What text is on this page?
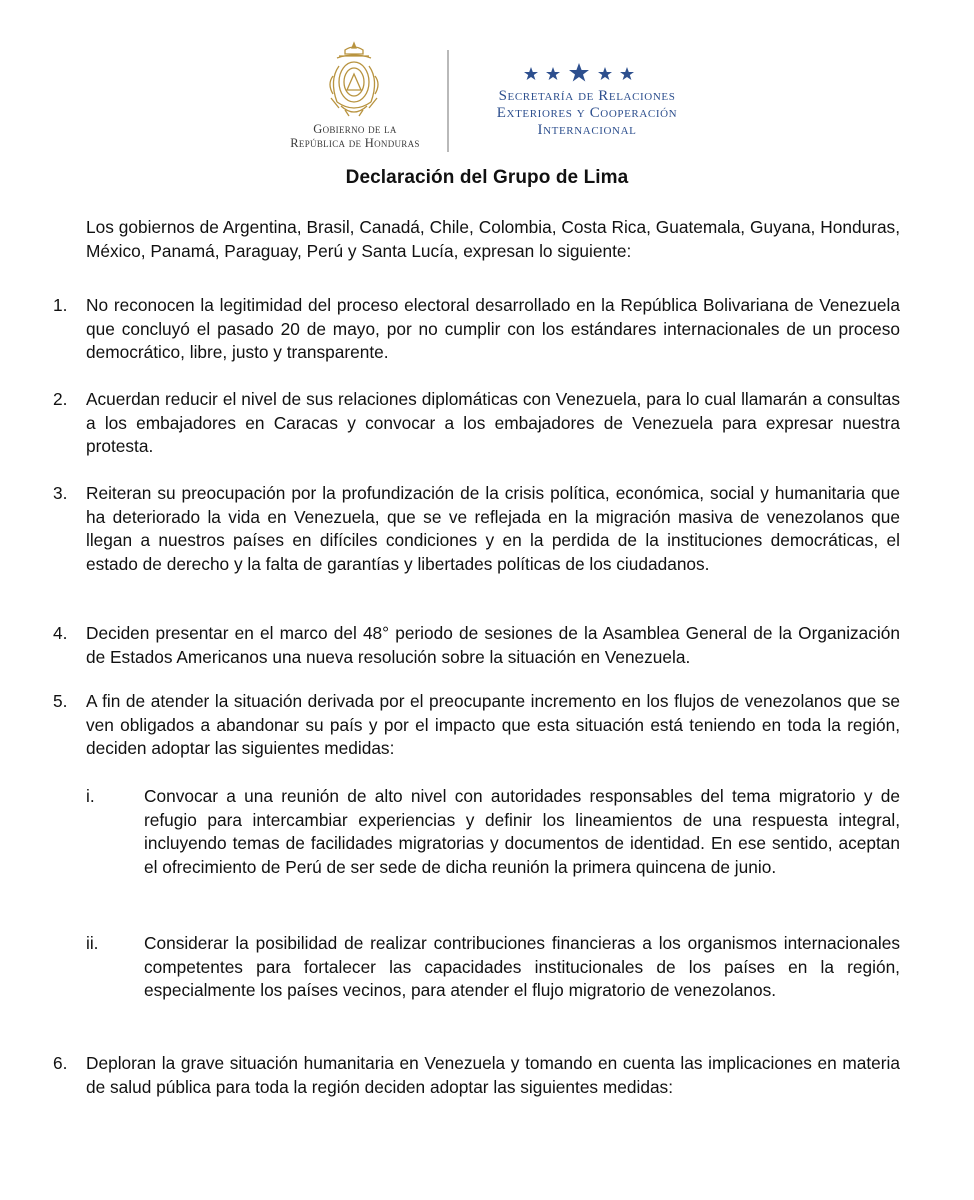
Gobierno de la
República de Honduras
Secretaría de Relaciones
Exteriores y Cooperación
Internacional
Declaración del Grupo de Lima
Los gobiernos de Argentina, Brasil, Canadá, Chile, Colombia, Costa Rica, Guatemala, Guyana, Honduras, México, Panamá, Paraguay, Perú y Santa Lucía, expresan lo siguiente:
1.	No reconocen la legitimidad del proceso electoral desarrollado en la República Bolivariana de Venezuela que concluyó el pasado 20 de mayo, por no cumplir con los estándares internacionales de un proceso democrático, libre, justo y transparente.
2.	Acuerdan reducir el nivel de sus relaciones diplomáticas con Venezuela, para lo cual llamarán a consultas a los embajadores en Caracas y convocar a los embajadores de Venezuela para expresar nuestra protesta.
3.	Reiteran su preocupación por la profundización de la crisis política, económica, social y humanitaria que ha deteriorado la vida en Venezuela, que se ve reflejada en la migración masiva de venezolanos que llegan a nuestros países en difíciles condiciones y en la perdida de la instituciones democráticas, el estado de derecho y la falta de garantías y libertades políticas de los ciudadanos.
4.	Deciden presentar en el marco del 48° periodo de sesiones de la Asamblea General de la Organización de Estados Americanos una nueva resolución sobre la situación en Venezuela.
5.	A fin de atender la situación derivada por el preocupante incremento en los flujos de venezolanos que se ven obligados a abandonar su país y por el impacto que esta situación está teniendo en toda la región, deciden adoptar las siguientes medidas:
i.	Convocar a una reunión de alto nivel con autoridades responsables del tema migratorio y de refugio para intercambiar experiencias y definir los lineamientos de una respuesta integral, incluyendo temas de facilidades migratorias y documentos de identidad. En ese sentido, aceptan el ofrecimiento de Perú de ser sede de dicha reunión la primera quincena de junio.
ii.	Considerar la posibilidad de realizar contribuciones financieras a los organismos internacionales competentes para fortalecer las capacidades institucionales de los países en la región, especialmente los países vecinos, para atender el flujo migratorio de venezolanos.
6.	Deploran la grave situación humanitaria en Venezuela y tomando en cuenta las implicaciones en materia de salud pública para toda la región deciden adoptar las siguientes medidas:
